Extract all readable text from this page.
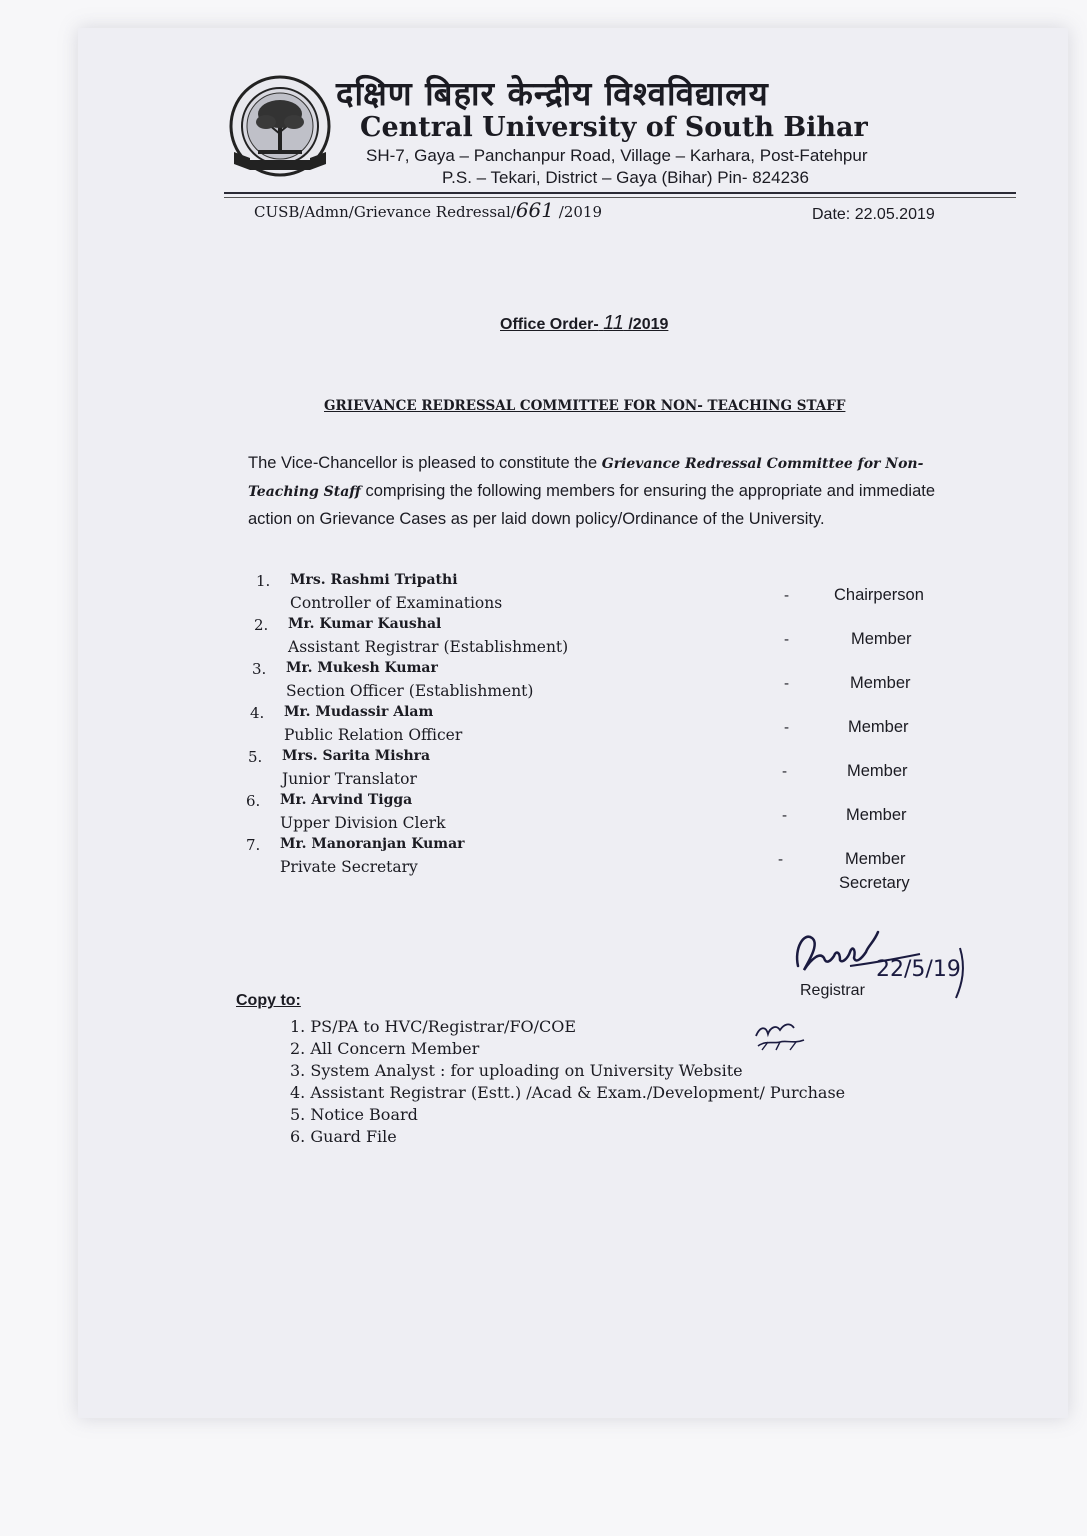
दक्षिण बिहार केन्द्रीय विश्वविद्यालय
Central University of South Bihar
SH-7, Gaya – Panchanpur Road, Village – Karhara, Post-Fatehpur
P.S. – Tekari, District – Gaya (Bihar) Pin- 824236
CUSB/Admn/Grievance Redressal/661 /2019	Date: 22.05.2019
Office Order- 11 /2019
GRIEVANCE REDRESSAL COMMITTEE FOR NON- TEACHING STAFF
The Vice-Chancellor is pleased to constitute the Grievance Redressal Committee for Non-Teaching Staff comprising the following members for ensuring the appropriate and immediate action on Grievance Cases as per laid down policy/Ordinance of the University.
1. Mrs. Rashmi Tripathi
Controller of Examinations	-	Chairperson
2. Mr. Kumar Kaushal
Assistant Registrar (Establishment)	-	Member
3. Mr. Mukesh Kumar
Section Officer (Establishment)	-	Member
4. Mr. Mudassir Alam
Public Relation Officer	-	Member
5. Mrs. Sarita Mishra
Junior Translator	-	Member
6. Mr. Arvind Tigga
Upper Division Clerk	-	Member
7. Mr. Manoranjan Kumar
Private Secretary	-	Member
Secretary
22/5/19
Registrar
Copy to:
1. PS/PA to HVC/Registrar/FO/COE
2. All Concern Member
3. System Analyst : for uploading on University Website
4. Assistant Registrar (Estt.) /Acad & Exam./Development/ Purchase
5. Notice Board
6. Guard File
